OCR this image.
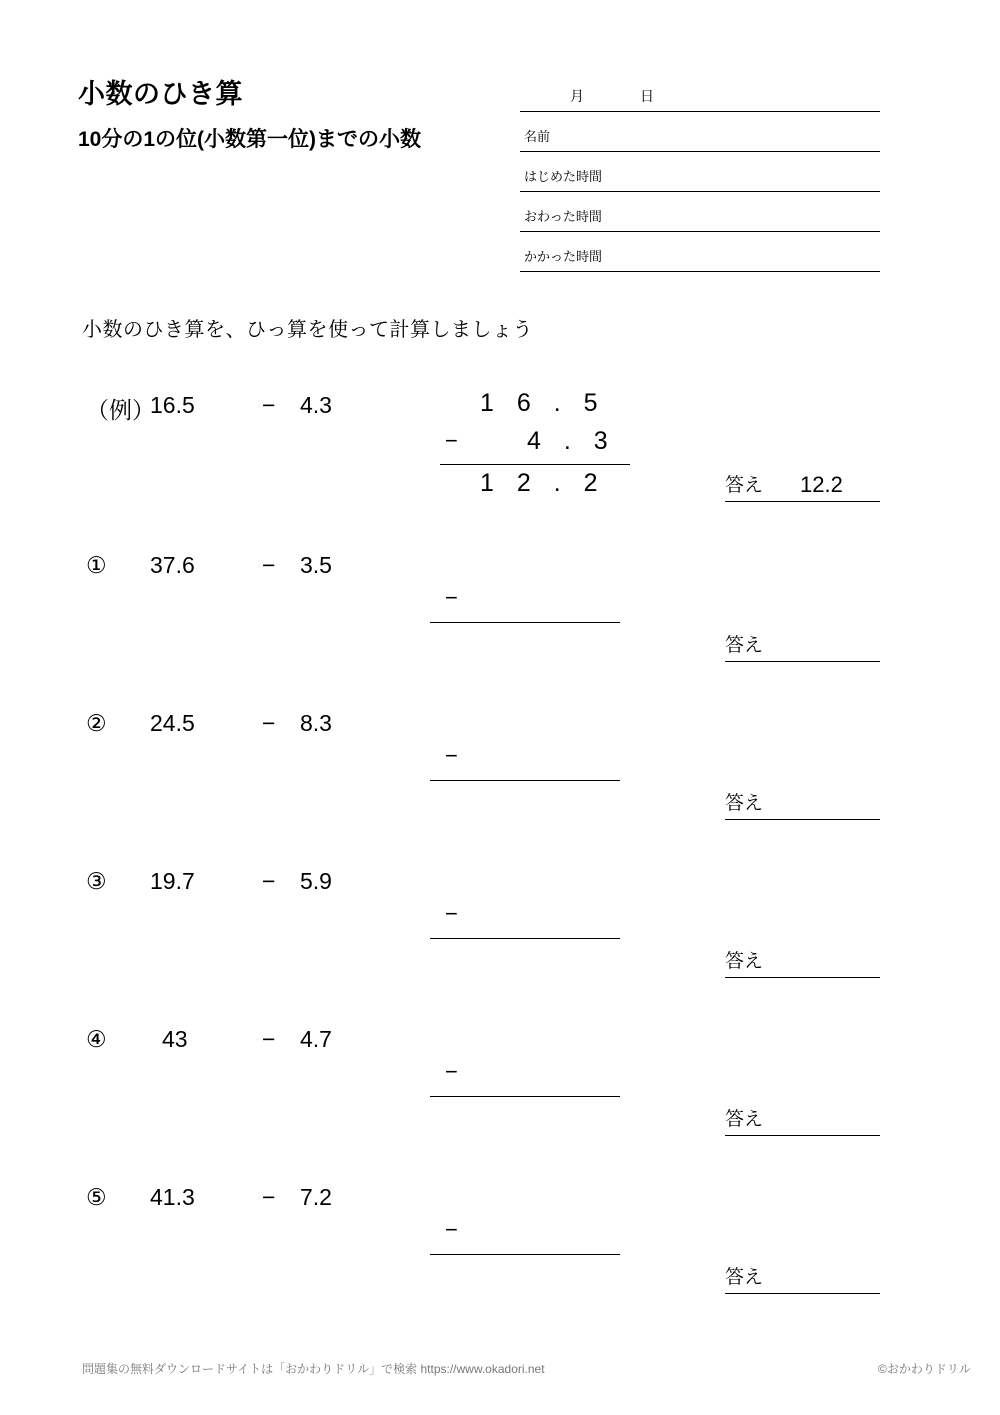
小数のひき算
10分の1の位(小数第一位)までの小数
月	日
名前
はじめた時間
おわった時間
かかった時間
小数のひき算を、ひっ算を使って計算しましょう
（例）
16.5	− 4.3	1 6 . 5
−	4 . 3
1 2 . 2	答え 12.2
①	37.6	− 3.5
−
答え
②	24.5	− 8.3
−
答え
③	19.7	− 5.9
−
答え
④	43	− 4.7
−
答え
⑤	41.3	− 7.2
−
答え
問題集の無料ダウンロードサイトは「おかわりドリル」で検索 https://www.okadori.net	©おかわりドリル
